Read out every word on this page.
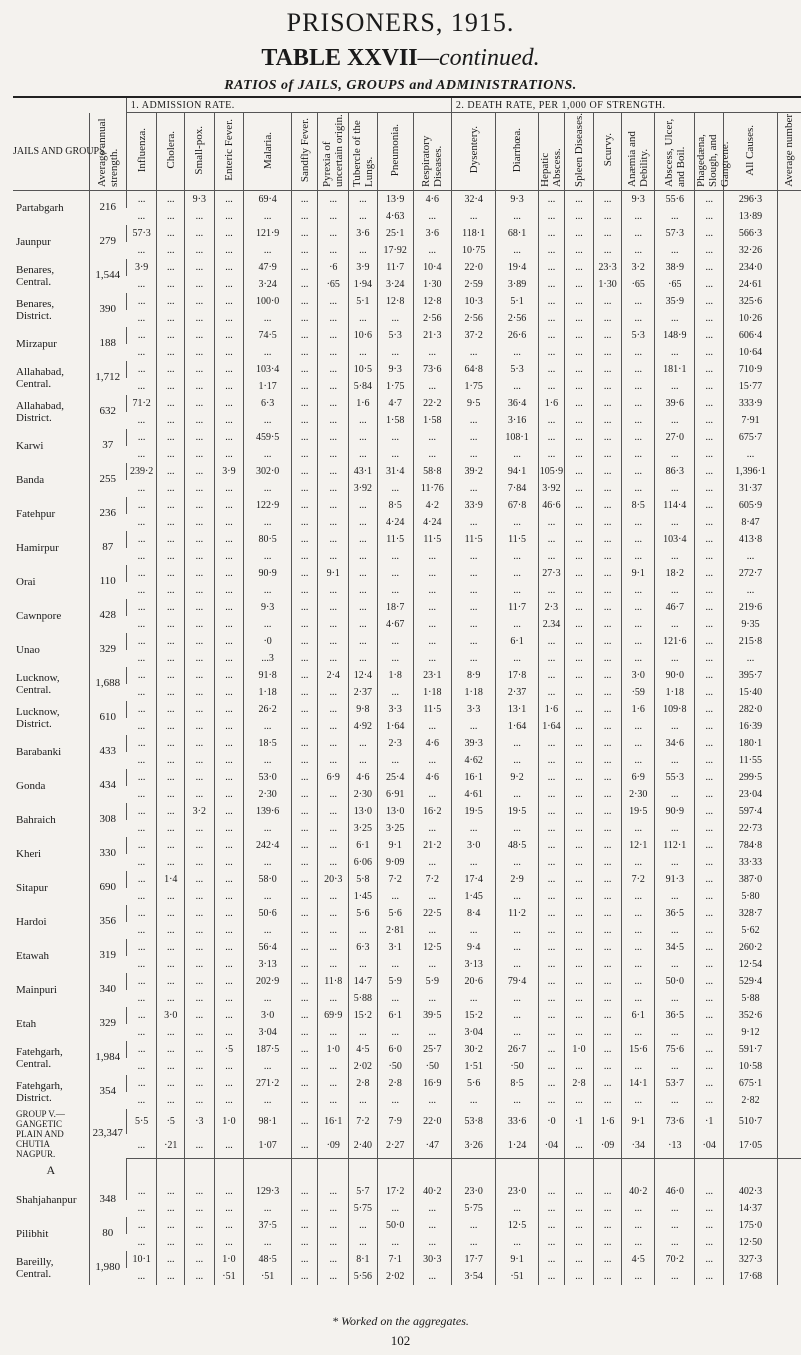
PRISONERS, 1915.
TABLE XXVII—continued.
RATIOS of JAILS, GROUPS and ADMINISTRATIONS.
		1. ADMISSION RATE.										2. DEATH RATE, PER 1,000 OF STRENGTH.									
JAILS AND GROUPS.	Average annual strength.	Influenza.	Cholera.	Small-pox.	Enteric Fever.	Malaria.	Sandfly Fever.	Pyrexia of uncertain origin.	Tubercle of the Lungs.	Pneumonia.	Respiratory Diseases.	Dysentery.	Diarrhœa.	Hepatic Abscess.	Spleen Diseases.	Scurvy.	Anæmia and Debility.	Abscess, Ulcer, and Boil.	Phagedæna, Slough, and Gangrene.	All Causes.	Average number
Partabgarh	216	...	...	9·3	...	69·4	...	...	...	13·9	4·6	32·4	9·3	...	...	...	9·3	55·6	...	296·3	
		...	...	...	...	...	...	...	...	4·63	...	...	...	...	...	...	...	...	...	13·89	
Jaunpur	279	57·3	...	...	...	121·9	...	...	3·6	25·1	3·6	118·1	68·1	...	...	...	...	57·3	...	566·3	
		...	...	...	...	...	...	...	...	17·92	...	10·75	...	...	...	...	...	...	...	32·26	
Benares, Central.	1,544	3·9	...	...	...	47·9	...	·6	3·9	11·7	10·4	22·0	19·4	...	...	23·3	3·2	38·9	...	234·0	
		...	...	...	...	3·24	...	·65	1·94	3·24	1·30	2·59	3·89	...	...	1·30	·65	·65	...	24·61	
Benares, District.	390	...	...	...	...	100·0	...	...	5·1	12·8	12·8	10·3	5·1	...	...	...	...	35·9	...	325·6	
		...	...	...	...	...	...	...	...	...	2·56	2·56	2·56	...	...	...	...	...	...	10·26	
Mirzapur	188	...	...	...	...	74·5	...	...	10·6	5·3	21·3	37·2	26·6	...	...	...	5·3	148·9	...	606·4	
		...	...	...	...	...	...	...	...	...	...	...	...	...	...	...	...	...	...	10·64	
Allahabad, Central.	1,712	...	...	...	...	103·4	...	...	10·5	9·3	73·6	64·8	5·3	...	...	...	...	181·1	...	710·9	
		...	...	...	...	1·17	...	...	5·84	1·75	...	1·75	...	...	...	...	...	...	...	15·77	
Allahabad, District.	632	71·2	...	...	...	6·3	...	...	1·6	4·7	22·2	9·5	36·4	1·6	...	...	...	39·6	...	333·9	
		...	...	...	...	...	...	...	...	1·58	1·58	...	3·16	...	...	...	...	...	...	7·91	
Karwi	37	...	...	...	...	459·5	...	...	...	...	...	...	108·1	...	...	...	...	27·0	...	675·7	
		...	...	...	...	...	...	...	...	...	...	...	...	...	...	...	...	...	...	...	
Banda	255	239·2	...	...	3·9	302·0	...	...	43·1	31·4	58·8	39·2	94·1	105·9	...	...	...	86·3	...	1,396·1	
		...	...	...	...	...	...	...	3·92	...	11·76	...	7·84	3·92	...	...	...	...	...	31·37	
Fatehpur	236	...	...	...	...	122·9	...	...	...	8·5	4·2	33·9	67·8	46·6	...	...	8·5	114·4	...	605·9	
		...	...	...	...	...	...	...	...	4·24	4·24	...	...	...	...	...	...	...	...	8·47	
Hamirpur	87	...	...	...	...	80·5	...	...	...	11·5	11·5	11·5	11·5	...	...	...	...	103·4	...	413·8	
		...	...	...	...	...	...	...	...	...	...	...	...	...	...	...	...	...	...	...	
Orai	110	...	...	...	...	90·9	...	9·1	...	...	...	...	...	27·3	...	...	9·1	18·2	...	272·7	
		...	...	...	...	...	...	...	...	...	...	...	...	...	...	...	...	...	...	...	
Cawnpore	428	...	...	...	...	9·3	...	...	...	18·7	...	...	11·7	2·3	...	...	...	46·7	...	219·6	
		...	...	...	...	...	...	...	...	4·67	...	...	...	2.34	...	...	...	...	...	9·35	
Unao	329	...	...	...	...	·0	...	...	...	...	...	...	6·1	...	...	...	...	121·6	...	215·8	
		...	...	...	...	...3	...	...	...	...	...	...	...	...	...	...	...	...	...	...	
Lucknow, Central.	1,688	...	...	...	...	91·8	...	2·4	12·4	1·8	23·1	8·9	17·8	...	...	...	3·0	90·0	...	395·7	
		...	...	...	...	1·18	...	...	2·37	...	1·18	1·18	2·37	...	...	...	·59	1·18	...	15·40	
Lucknow, District.	610	...	...	...	...	26·2	...	...	9·8	3·3	11·5	3·3	13·1	1·6	...	...	1·6	109·8	...	282·0	
		...	...	...	...	...	...	...	4·92	1·64	...	...	1·64	1·64	...	...	...	...	...	16·39	
Barabanki	433	...	...	...	...	18·5	...	...	...	2·3	4·6	39·3	...	...	...	...	...	34·6	...	180·1	
		...	...	...	...	...	...	...	...	...	...	4·62	...	...	...	...	...	...	...	11·55	
Gonda	434	...	...	...	...	53·0	...	6·9	4·6	25·4	4·6	16·1	9·2	...	...	...	6·9	55·3	...	299·5	
		...	...	...	...	2·30	...	...	2·30	6·91	...	4·61	...	...	...	...	2·30	...	...	23·04	
Bahraich	308	...	...	3·2	...	139·6	...	...	13·0	13·0	16·2	19·5	19·5	...	...	...	19·5	90·9	...	597·4	
		...	...	...	...	...	...	...	3·25	3·25	...	...	...	...	...	...	...	...	...	22·73	
Kheri	330	...	...	...	...	242·4	...	...	6·1	9·1	21·2	3·0	48·5	...	...	...	12·1	112·1	...	784·8	
		...	...	...	...	...	...	...	6·06	9·09	...	...	...	...	...	...	...	...	...	33·33	
Sitapur	690	...	1·4	...	...	58·0	...	20·3	5·8	7·2	7·2	17·4	2·9	...	...	...	7·2	91·3	...	387·0	
		...	...	...	...	...	...	...	1·45	...	...	1·45	...	...	...	...	...	...	...	5·80	
Hardoi	356	...	...	...	...	50·6	...	...	5·6	5·6	22·5	8·4	11·2	...	...	...	...	36·5	...	328·7	
		...	...	...	...	...	...	...	...	2·81	...	...	...	...	...	...	...	...	...	5·62	
Etawah	319	...	...	...	...	56·4	...	...	6·3	3·1	12·5	9·4	...	...	...	...	...	34·5	...	260·2	
		...	...	...	...	3·13	...	...	...	...	...	3·13	...	...	...	...	...	...	...	12·54	
Mainpuri	340	...	...	...	...	202·9	...	11·8	14·7	5·9	5·9	20·6	79·4	...	...	...	...	50·0	...	529·4	
		...	...	...	...	...	...	...	5·88	...	...	...	...	...	...	...	...	...	...	5·88	
Etah	329	...	3·0	...	...	3·0	...	69·9	15·2	6·1	39·5	15·2	...	...	...	...	6·1	36·5	...	352·6	
		...	...	...	...	3·04	...	...	...	...	...	3·04	...	...	...	...	...	...	...	9·12	
Fatehgarh, Central.	1,984	...	...	...	·5	187·5	...	1·0	4·5	6·0	25·7	30·2	26·7	...	1·0	...	15·6	75·6	...	591·7	
		...	...	...	...	...	...	...	2·02	·50	·50	1·51	·50	...	...	...	...	...	...	10·58	
Fatehgarh, District.	354	...	...	...	...	271·2	...	...	2·8	2·8	16·9	5·6	8·5	...	2·8	...	14·1	53·7	...	675·1	
		...	...	...	...	...	...	...	...	...	...	...	...	...	...	...	...	...	...	2·82	
GROUP V.— GANGETIC PLAIN AND CHUTIA NAGPUR.	23,347	5·5	·5	·3	1·0	98·1	...	16·1	7·2	7·9	22·0	53·8	33·6	·0	·1	1·6	9·1	73·6	·1	510·7	
		...	·21	...	...	1·07	...	·09	2·40	2·27	·47	3·26	1·24	·04	...	·09	·34	·13	·04	17·05	
A																					
Shahjahanpur	348	...	...	...	...	129·3	...	...	5·7	17·2	40·2	23·0	23·0	...	...	...	40·2	46·0	...	402·3	
		...	...	...	...	...	...	...	5·75	...	...	5·75	...	...	...	...	...	...	...	14·37	
Pilibhit	80	...	...	...	...	37·5	...	...	...	50·0	...	...	12·5	...	...	...	...	...	...	175·0	
		...	...	...	...	...	...	...	...	...	...	...	...	...	...	...	...	...	...	12·50	
Bareilly, Central.	1,980	10·1	...	...	1·0	48·5	...	...	8·1	7·1	30·3	17·7	9·1	...	...	...	4·5	70·2	...	327·3	
		...	...	...	·51	·51	...	...	5·56	2·02	...	3·54	·51	...	...	...	...	...	...	17·68	
* Worked on the aggregates.
102
